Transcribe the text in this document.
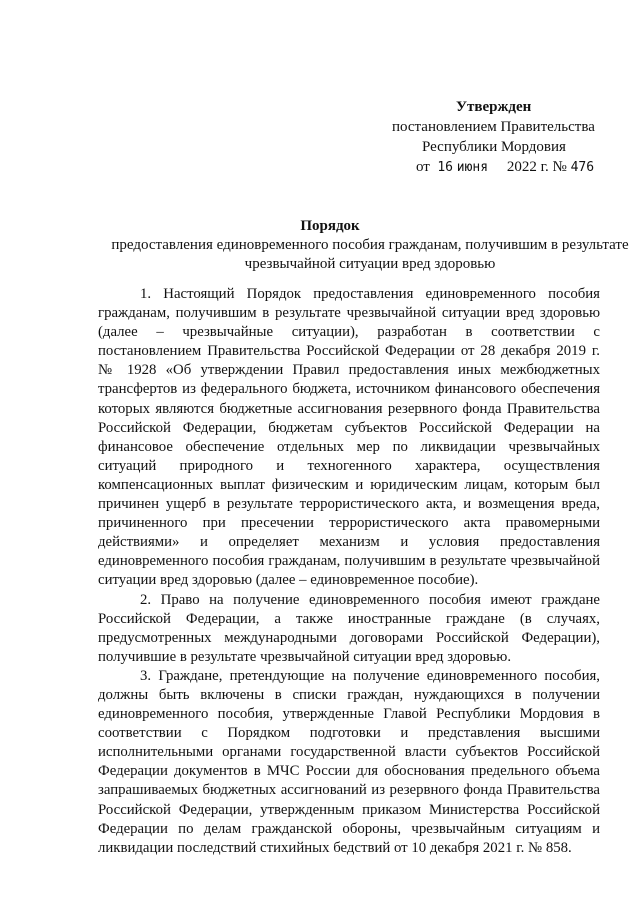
Утвержден
постановлением Правительства
Республики Мордовия
от 16 июня 2022 г. № 476
Порядок
предоставления единовременного пособия гражданам, получившим в результате чрезвычайной ситуации вред здоровью

1. Настоящий Порядок предоставления единовременного пособия гражданам, получившим в результате чрезвычайной ситуации вред здоровью (далее – чрезвычайные ситуации), разработан в соответствии с постановлением Правительства Российской Федерации от 28 декабря 2019 г. № 1928 «Об утверждении Правил предоставления иных межбюджетных трансфертов из федерального бюджета, источником финансового обеспечения которых являются бюджетные ассигнования резервного фонда Правительства Российской Федерации, бюджетам субъектов Российской Федерации на финансовое обеспечение отдельных мер по ликвидации чрезвычайных ситуаций природного и техногенного характера, осуществления компенсационных выплат физическим и юридическим лицам, которым был причинен ущерб в результате террористического акта, и возмещения вреда, причиненного при пресечении террористического акта правомерными действиями» и определяет механизм и условия предоставления единовременного пособия гражданам, получившим в результате чрезвычайной ситуации вред здоровью (далее – единовременное пособие).

2. Право на получение единовременного пособия имеют граждане Российской Федерации, а также иностранные граждане (в случаях, предусмотренных международными договорами Российской Федерации), получившие в результате чрезвычайной ситуации вред здоровью.

3. Граждане, претендующие на получение единовременного пособия, должны быть включены в списки граждан, нуждающихся в получении единовременного пособия, утвержденные Главой Республики Мордовия в соответствии с Порядком подготовки и представления высшими исполнительными органами государственной власти субъектов Российской Федерации документов в МЧС России для обоснования предельного объема запрашиваемых бюджетных ассигнований из резервного фонда Правительства Российской Федерации, утвержденным приказом Министерства Российской Федерации по делам гражданской обороны, чрезвычайным ситуациям и ликвидации последствий стихийных бедствий от 10 декабря 2021 г. № 858.
